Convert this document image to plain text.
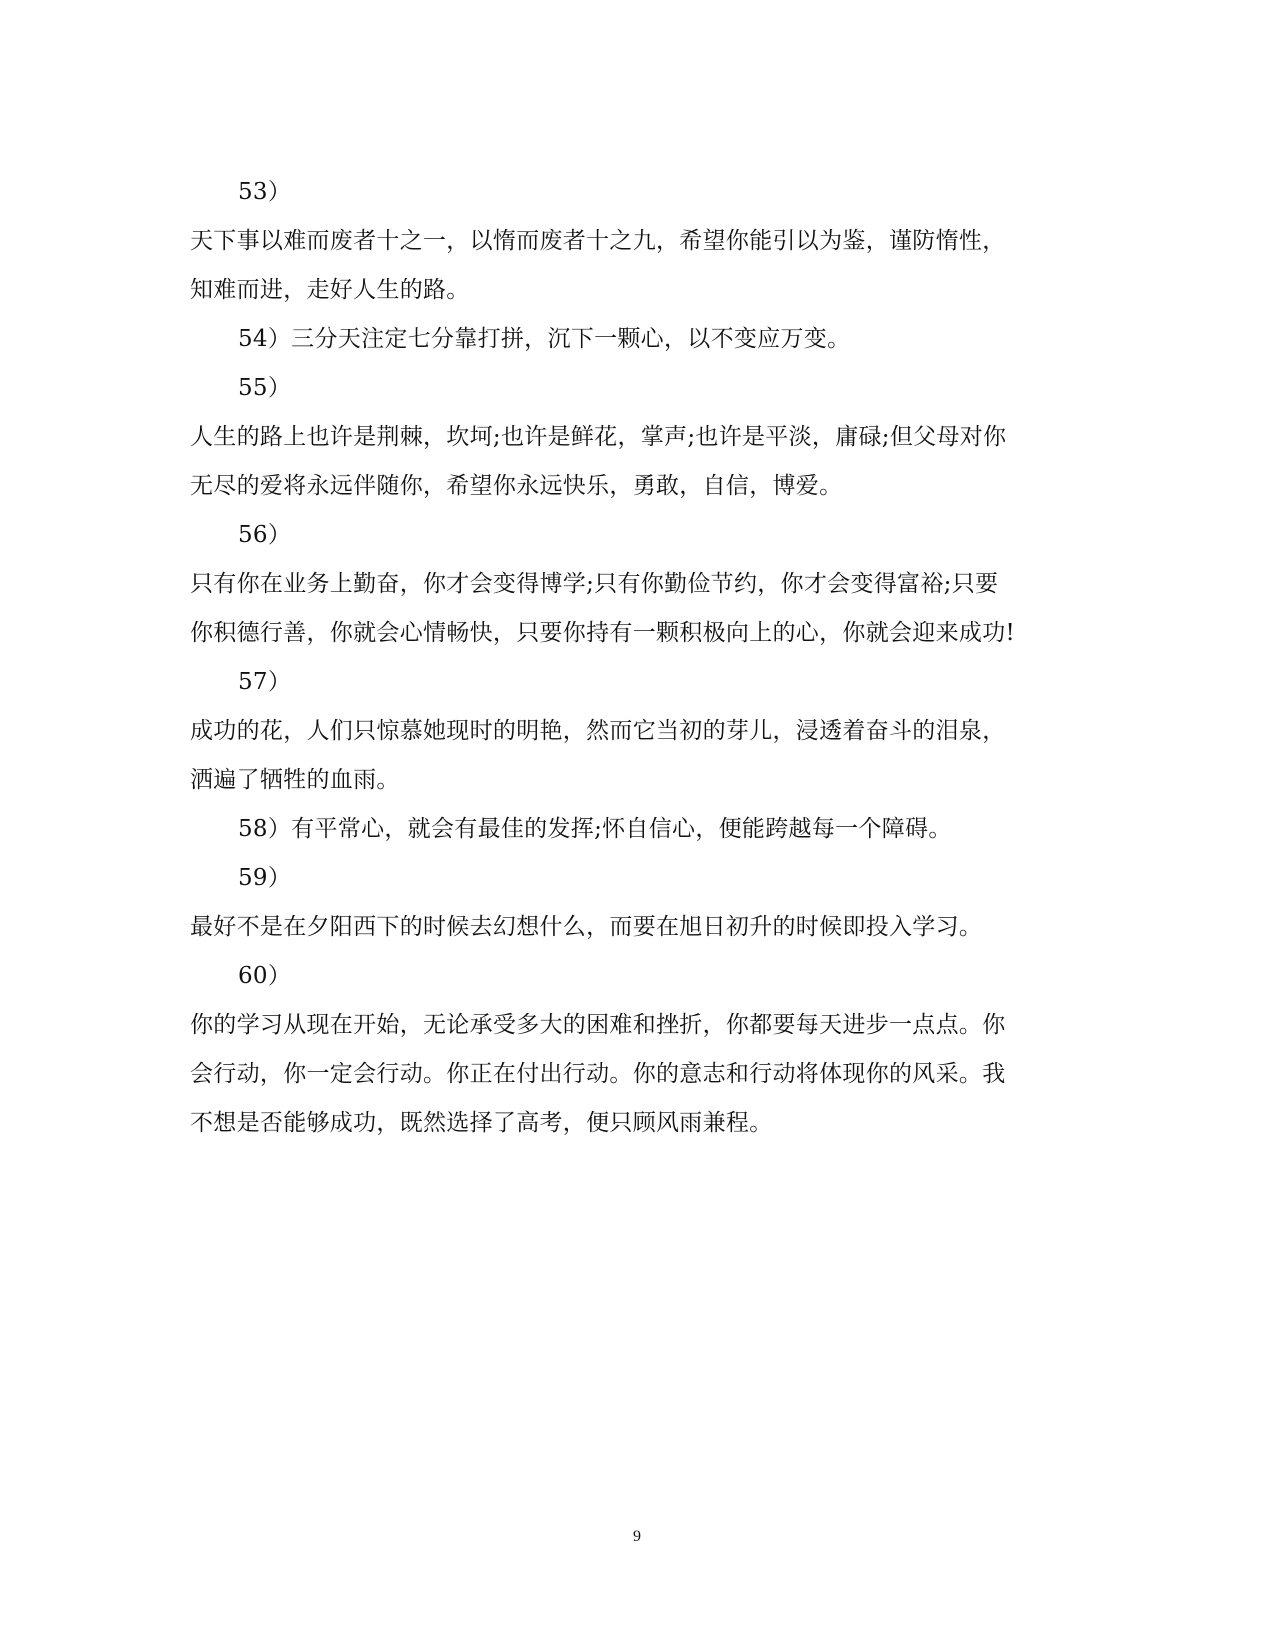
53）
天下事以难而废者十之一，以惰而废者十之九，希望你能引以为鉴，谨防惰性，
知难而进，走好人生的路。
54）三分天注定七分靠打拼，沉下一颗心，以不变应万变。
55）
人生的路上也许是荆棘，坎坷;也许是鲜花，掌声;也许是平淡，庸碌;但父母对你
无尽的爱将永远伴随你，希望你永远快乐，勇敢，自信，博爱。
56）
只有你在业务上勤奋，你才会变得博学;只有你勤俭节约，你才会变得富裕;只要
你积德行善，你就会心情畅快，只要你持有一颗积极向上的心，你就会迎来成功!
57）
成功的花，人们只惊慕她现时的明艳，然而它当初的芽儿，浸透着奋斗的泪泉，
洒遍了牺牲的血雨。
58）有平常心，就会有最佳的发挥;怀自信心，便能跨越每一个障碍。
59）
最好不是在夕阳西下的时候去幻想什么，而要在旭日初升的时候即投入学习。
60）
你的学习从现在开始，无论承受多大的困难和挫折，你都要每天进步一点点。你
会行动，你一定会行动。你正在付出行动。你的意志和行动将体现你的风采。我
不想是否能够成功，既然选择了高考，便只顾风雨兼程。
9
